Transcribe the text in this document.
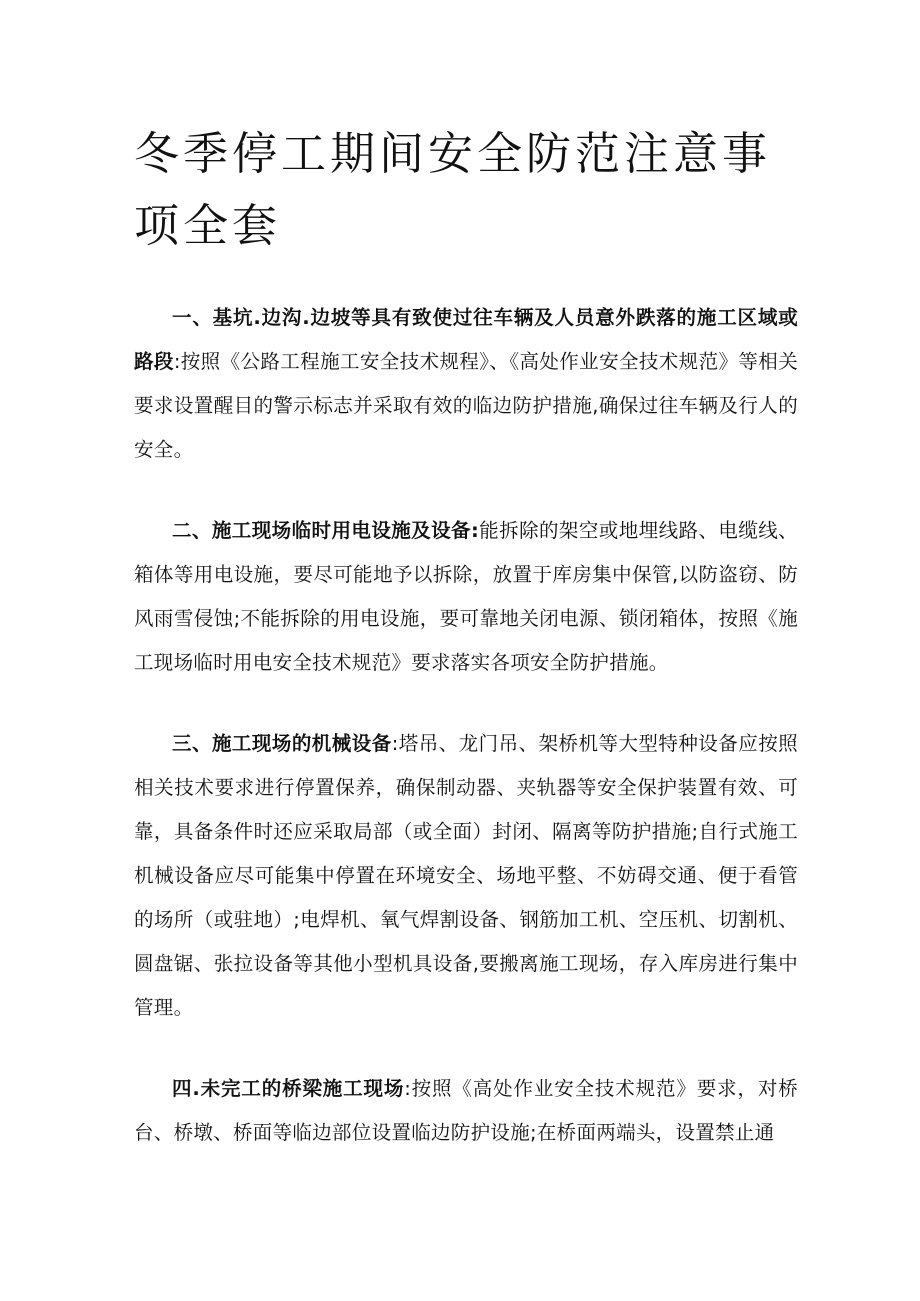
冬季停工期间安全防范注意事项全套

一、基坑.边沟.边坡等具有致使过往车辆及人员意外跌落的施工区域或路段:按照《公路工程施工安全技术规程》、《高处作业安全技术规范》等相关要求设置醒目的警示标志并采取有效的临边防护措施,确保过往车辆及行人的安全。

二、施工现场临时用电设施及设备:能拆除的架空或地埋线路、电缆线、箱体等用电设施，要尽可能地予以拆除，放置于库房集中保管,以防盗窃、防风雨雪侵蚀;不能拆除的用电设施，要可靠地关闭电源、锁闭箱体，按照《施工现场临时用电安全技术规范》要求落实各项安全防护措施。

三、施工现场的机械设备:塔吊、龙门吊、架桥机等大型特种设备应按照相关技术要求进行停置保养，确保制动器、夹轨器等安全保护装置有效、可靠，具备条件时还应采取局部（或全面）封闭、隔离等防护措施;自行式施工机械设备应尽可能集中停置在环境安全、场地平整、不妨碍交通、便于看管的场所（或驻地）;电焊机、氧气焊割设备、钢筋加工机、空压机、切割机、圆盘锯、张拉设备等其他小型机具设备,要搬离施工现场，存入库房进行集中管理。

四.未完工的桥梁施工现场:按照《高处作业安全技术规范》要求，对桥台、桥墩、桥面等临边部位设置临边防护设施;在桥面两端头，设置禁止通
